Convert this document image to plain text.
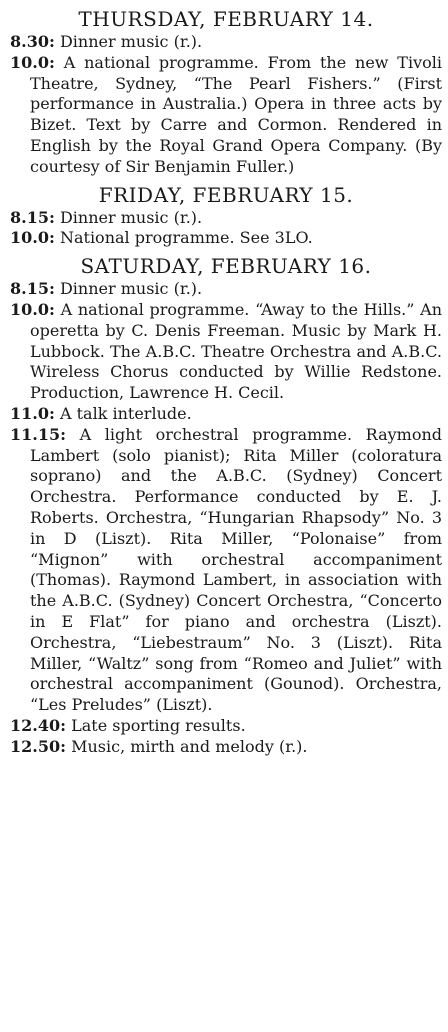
THURSDAY, FEBRUARY 14.

8.30: Dinner music (r.).

10.0: A national programme. From the new Tivoli Theatre, Sydney, “The Pearl Fishers.” (First performance in Australia.) Opera in three acts by Bizet. Text by Carre and Cormon. Rendered in English by the Royal Grand Opera Company. (By courtesy of Sir Benjamin Fuller.)

FRIDAY, FEBRUARY 15.

8.15: Dinner music (r.).

10.0: National programme. See 3LO.

SATURDAY, FEBRUARY 16.

8.15: Dinner music (r.).

10.0: A national programme. “Away to the Hills.” An operetta by C. Denis Freeman. Music by Mark H. Lubbock. The A.B.C. Theatre Orchestra and A.B.C. Wireless Chorus conducted by Willie Redstone. Production, Lawrence H. Cecil.

11.0: A talk interlude.

11.15: A light orchestral programme. Raymond Lambert (solo pianist); Rita Miller (coloratura soprano) and the A.B.C. (Sydney) Concert Orchestra. Performance conducted by E. J. Roberts. Orchestra, “Hungarian Rhapsody” No. 3 in D (Liszt). Rita Miller, “Polonaise” from “Mignon” with orchestral accompaniment (Thomas). Raymond Lambert, in association with the A.B.C. (Sydney) Concert Orchestra, “Concerto in E Flat” for piano and orchestra (Liszt). Orchestra, “Liebestraum” No. 3 (Liszt). Rita Miller, “Waltz” song from “Romeo and Juliet” with orchestral accompaniment (Gounod). Orchestra, “Les Preludes” (Liszt).

12.40: Late sporting results.

12.50: Music, mirth and melody (r.).
